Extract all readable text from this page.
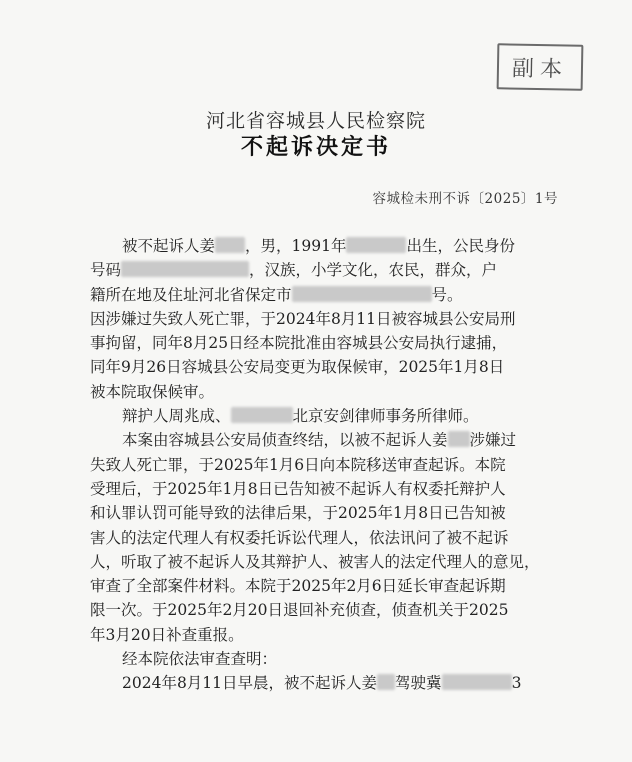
副本
河北省容城县人民检察院
不起诉决定书
容城检未刑不诉〔2025〕1号
被不起诉人姜 ，男，1991年	出生，公民身份
号码	，汉族，小学文化，农民，群众，户
籍所在地及住址河北省保定市	号。
因涉嫌过失致人死亡罪，于2024年8月11日被容城县公安局刑
事拘留，同年8月25日经本院批准由容城县公安局执行逮捕，
同年9月26日容城县公安局变更为取保候审，2025年1月8日
被本院取保候审。
辩护人周兆成、	北京安剑律师事务所律师。
本案由容城县公安局侦查终结，以被不起诉人姜 涉嫌过
失致人死亡罪，于2025年1月6日向本院移送审查起诉。本院
受理后，于2025年1月8日已告知被不起诉人有权委托辩护人
和认罪认罚可能导致的法律后果，于2025年1月8日已告知被
害人的法定代理人有权委托诉讼代理人，依法讯问了被不起诉
人，听取了被不起诉人及其辩护人、被害人的法定代理人的意见，
审查了全部案件材料。本院于2025年2月6日延长审查起诉期
限一次。于2025年2月20日退回补充侦查，侦查机关于2025
年3月20日补查重报。
经本院依法审查查明：
2024年8月11日早晨，被不起诉人姜 驾驶冀	3
